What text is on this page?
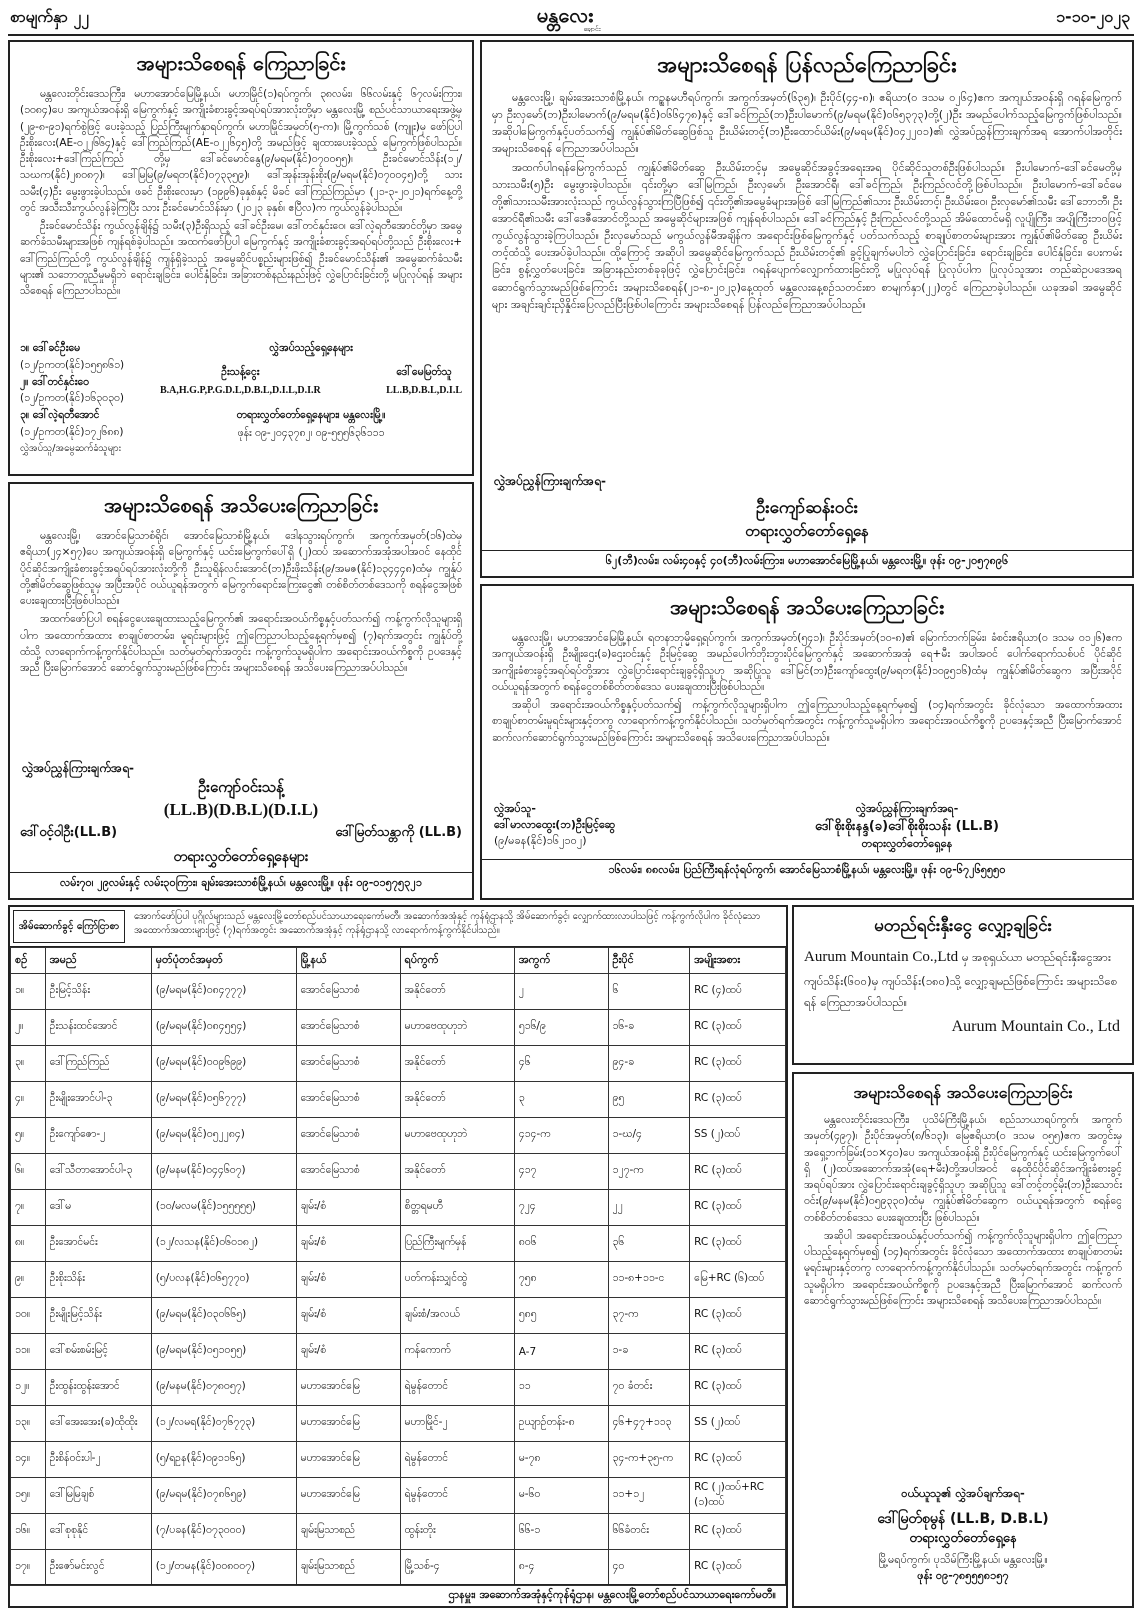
စာမျက်နှာ ၂၂	မန္တလေး
ချောင်း
၁-၁၀-၂၀၂၃
အများသိစေရန် ကြေညာခြင်း

မန္တလေးတိုင်းဒေသကြီး၊ မဟာအောင်မြေမြို့နယ်၊ မဟာမြိုင်(၁)ရပ်ကွက်၊ ၃၈လမ်း၊ ၆၆လမ်းနှင့် ၆၇လမ်းကြား၊ (၁၀၈၄)ပေ အကျယ်အဝန်းရှိ မြေကွက်နှင့် အကျိုးခံစားခွင့်အရပ်ရပ်အားလုံးတို့မှာ မန္တလေးမြို့ စည်ပင်သာယာရေးအဖွဲ့မှ (၂၉-၈-၉၁)ရက်စွဲဖြင့် ပေးခဲ့သည့် ပြည်ကြီးမျက်နှာရပ်ကွက်၊ မဟာမြိုင်အမှတ်(၅-က)၊ မြို့ကွက်သစ် (ကျူး)မှ ဖော်ပြပါ ဦးစိုးလေး(AE-၀၂၂၆၆၄)နှင့် ဒေါ်ကြည်ကြည်(AE-၀၂၂၆၄၅)တို့ အမည်ဖြင့် ချထားပေးခဲ့သည့် မြေကွက်ဖြစ်ပါသည်။ ဦးစိုးလေး+ဒေါ်ကြည်ကြည် တို့မှ ဒေါ်ခင်မောင်နွေ(၉/မရမ(နိုင်)၀၇၀၀၅၅)၊ ဦးခင်မောင်သိန်း(၁၂/သဃက(နိုင်)၂၈၀၈၇)၊ ဒေါ်မြမြ(၉/မရတ(နိုင်)၀၇၃၃၅၉)၊ ဒေါ်အုန်းအုန်းစိုး(၉/မရမ(နိုင်)၀၇၀၀၄၅)တို့ သား သမီး(၄)ဦး မွေးဖွားခဲ့ပါသည်။ ဖခင် ဦးစိုးလေးမှာ (၁၉၉၆)ခုနှစ်နှင့် မိခင် ဒေါ်ကြည်ကြည်မှာ (၂၁-၃-၂၀၂၁)ရက်နေ့တို့တွင် အသီးသီးကွယ်လွန်ခဲ့ကြပြီး သား ဦးခင်မောင်သိန်းမှာ (၂၀၂၃ ခုနှစ်၊ ဧပြီလ)က ကွယ်လွန်ခဲ့ပါသည်။

ဦးခင်မောင်သိန်း ကွယ်လွန်ချိန်၌ သမီး(၃)ဦးရှိသည့် ဒေါ်ခင်ဦးမေ၊ ဒေါ်တင်နှင်းဝေ၊ ဒေါ်လဲ့ရတီအောင်တို့မှာ အမွေဆက်ခံသမီးများအဖြစ် ကျန်ရစ်ခဲ့ပါသည်။ အထက်ဖော်ပြပါ မြေကွက်နှင့် အကျိုးခံစားခွင့်အရပ်ရပ်တို့သည် ဦးစိုးလေး+ ဒေါ်ကြည်ကြည်တို့ ကွယ်လွန်ချိန်၌ ကျန်ရှိခဲ့သည့် အမွေဆိုင်ပစ္စည်းများဖြစ်၍ ဦးခင်မောင်သိန်း၏ အမွေဆက်ခံသမီးများ၏ သဘောတူညီမှုမရှိဘဲ ရောင်းချခြင်း၊ ပေါင်နှံခြင်း၊ အခြားတစ်နည်းနည်းဖြင့် လွှဲပြောင်းခြင်းတို့ မပြုလုပ်ရန် အများသိစေရန် ကြေညာပါသည်။

၁။ ဒေါ်ခင်ဦးမေ
(၁၂/ဥကတ(နိုင်)၁၅၅၈၆၁)
၂။ ဒေါ်တင်နှင်းဝေ
(၁၂/ဥကတ(နိုင်)၁၆၃၀၃၀)
၃။ ဒေါ်လဲ့ရတီအောင်
(၁၂/ဥကတ(နိုင်)၁၇၂၆၈၈)
လွှဲအပ်သူ/အမွေဆက်ခံသူများ
လွှဲအပ်သည့်ရှေ့နေများ
ဦးသန့်ငွေး
B.A,H.G.P,P.G.D.L,D.B.L,D.I.L,D.I.R
ဒေါ်မေမြတ်သူ
LL.B,D.B.L,D.I.L
တရားလွှတ်တော်ရှေ့နေများ၊ မန္တလေးမြို့။
ဖုန်း ၀၉-၂၀၄၃၇၈၂၊ ၀၉-၅၅၅၆၃၆၁၁၁
အများသိစေရန် ပြန်လည်ကြေညာခြင်း

မန္တလေးမြို့၊ ချမ်းအေးသာစံမြို့နယ်၊ ကဥ္စနမဟီရပ်ကွက်၊ အကွက်အမှတ်(၆၃၅)၊ ဦးပိုင်(၄၄-၈)၊ ဧရိယာ(၀ ဒသမ ၀၂၆၄)ဧက အကျယ်အဝန်းရှိ ဂရန်မြေကွက်မှာ ဦးလှမော်(ဘ)ဦးပါမောက်(၉/မရမ(နိုင်)၀၆၆၄၇၈)နှင့် ဒေါ်ခင်ကြည်(ဘ)ဦးပါမောက်(၉/မရမ(နိုင်)၀၆၅၃၇၃)တို့(၂)ဦး အမည်ပေါက်သည့်မြေကွက်ဖြစ်ပါသည်။ အဆိုပါမြေကွက်နှင့်ပတ်သက်၍ ကျွန်ုပ်၏မိတ်ဆွေဖြစ်သူ ဦးယိမ်းတင့်(ဘ)ဦးထောင်ယိမ်း(၉/မရမ(နိုင်)၀၄၂၂၀၁)၏ လွှဲအပ်ညွှန်ကြားချက်အရ အောက်ပါအတိုင်း အများသိစေရန် ကြေညာအပ်ပါသည်။

အထက်ပါဂရန်မြေကွက်သည် ကျွန်ုပ်၏မိတ်ဆွေ ဦးယိမ်းတင့်မှ အမွေဆိုင်အခွင့်အရေးအရ ပိုင်ဆိုင်သူတစ်ဦးဖြစ်ပါသည်။ ဦးပါမောက်-ဒေါ်ခင်မေတို့မှ သားသမီး(၅)ဦး မွေးဖွားခဲ့ပါသည်။ ၎င်းတို့မှာ ဒေါ်မြကြည်၊ ဦးလှမော်၊ ဦးအောင်ရီ၊ ဒေါ်ခင်ကြည်၊ ဦးကြည်လင်တို့ဖြစ်ပါသည်။ ဦးပါမောက်-ဒေါ်ခင်မေတို့၏သားသမီးအားလုံးသည် ကွယ်လွန်သွားကြပြီဖြစ်၍ ၎င်းတို့၏အမွေခံများအဖြစ် ဒေါ်မြကြည်၏သား ဦးယိမ်းတင့်၊ ဦးယိမ်းဝေ၊ ဦးလှမော်၏သမီး ဒေါ်ဘောဘီ၊ ဦးအောင်ရီ၏သမီး ဒေါ်ဒေဇီအောင်တို့သည် အမွေဆိုင်များအဖြစ် ကျန်ရစ်ပါသည်။ ဒေါ်ခင်ကြည်နှင့် ဦးကြည်လင်တို့သည် အိမ်ထောင်မရှိ လူပျိုကြီး၊ အပျိုကြီးဘဝဖြင့် ကွယ်လွန်သွားခဲ့ကြပါသည်။ ဦးလှမော်သည် မကွယ်လွန်မီအချိန်က အရောင်းဖြစ်မြေကွက်နှင့် ပတ်သက်သည့် စာချုပ်စာတမ်းများအား ကျွန်ုပ်၏မိတ်ဆွေ ဦးယိမ်းတင့်ထံသို့ ပေးအပ်ခဲ့ပါသည်။ ထို့ကြောင့် အဆိုပါ အမွေဆိုင်မြေကွက်သည် ဦးယိမ်းတင့်၏ ခွင့်ပြုချက်မပါဘဲ လွှဲပြောင်းခြင်း၊ ရောင်းချခြင်း၊ ပေါင်နှံခြင်း၊ ပေးကမ်းခြင်း၊ စွန့်လွှတ်ပေးခြင်း၊ အခြားနည်းတစ်ခုခုဖြင့် လွှဲပြောင်းခြင်း၊ ဂရန်ပျောက်လျှောက်ထားခြင်းတို့ မပြုလုပ်ရန် ပြုလုပ်ပါက ပြုလုပ်သူအား တည်ဆဲဥပဒေအရ ဆောင်ရွက်သွားမည်ဖြစ်ကြောင်း အများသိစေရန်(၂၁-၈-၂၀၂၃)နေ့ထုတ် မန္တလေးနေ့စဉ်သတင်းစာ စာမျက်နှာ(၂၂)တွင် ကြေညာခဲ့ပါသည်။ ယခုအခါ အမွေဆိုင်များ အချင်းချင်းညှိနှိုင်းပြေလည်ပြီးဖြစ်ပါကြောင်း အများသိစေရန် ပြန်လည်ကြေညာအပ်ပါသည်။

လွှဲအပ်ညွှန်ကြားချက်အရ-
ဦးကျော်ဆန်းဝင်း
တရားလွှတ်တော်ရှေ့နေ
၆၂(ဘီ)လမ်း၊ လမ်း၄၀နှင့် ၄၀(ဘီ)လမ်းကြား၊ မဟာအောင်မြေမြို့နယ်၊ မန္တလေးမြို့။ ဖုန်း ၀၉-၂၀၅၇၈၉၆
အများသိစေရန် အသိပေးကြေညာခြင်း

မန္တလေးမြို့၊ အောင်မြေသာစံရိုင်၊ အောင်မြေသာစံမြို့နယ်၊ ဒေါနသွားရပ်ကွက်၊ အကွက်အမှတ်(၁၆)ထဲမှ ဧရိယာ(၂၄×၅၇)ပေ အကျယ်အဝန်းရှိ မြေကွက်နှင့် ယင်းမြေကွက်ပေါ်ရှိ (၂)ထပ် အဆောက်အအုံအပါအဝင် နေထိုင်ပိုင်ဆိုင်အကျိုးခံစားခွင့်အရပ်ရပ်အားလုံးတို့ကို ဦးသူရိန်လင်းအောင်(ဘ)ဦးဖိုးသိန်း(၉/အမဇ(နိုင်)၁၃၄၄၄၈)ထံမှ ကျွန်ုပ်တို့၏မိတ်ဆွေဖြစ်သူမှ အပြီးအပိုင် ဝယ်ယူရန်အတွက် မြေကွက်ရောင်းကြေးငွေ၏ တစ်စိတ်တစ်ဒေသကို စရန်ငွေအဖြစ် ပေးချေထားပြီးဖြစ်ပါသည်။

အထက်ဖော်ပြပါ စရန်ငွေပေးချေထားသည့်မြေကွက်၏ အရောင်းအဝယ်ကိစ္စနှင့်ပတ်သက်၍ ကန့်ကွက်လိုသူများရှိပါက အထောက်အထား စာချုပ်စာတမ်း၊ မူရင်းများဖြင့် ဤကြေညာပါသည့်နေ့ရက်မှစ၍ (၇)ရက်အတွင်း ကျွန်ုပ်တို့ထံသို့ လာရောက်ကန့်ကွက်နိုင်ပါသည်။ သတ်မှတ်ရက်အတွင်း ကန့်ကွက်သူမရှိပါက အရောင်းအဝယ်ကိစ္စကို ဥပဒေနှင့်အညီ ပြီးမြောက်အောင် ဆောင်ရွက်သွားမည်ဖြစ်ကြောင်း အများသိစေရန် အသိပေးကြေညာအပ်ပါသည်။

လွှဲအပ်ညွှန်ကြားချက်အရ-
ဦးကျော်ဝင်းသန့်
(LL.B)(D.B.L)(D.I.L)
ဒေါ်ဝင့်ဝါဦး(LL.B)	ဒေါ်မြတ်သန္တာကို (LL.B)
တရားလွှတ်တော်ရှေ့နေများ
လမ်း၇၀၊ ၂၉လမ်းနှင့် လမ်း၃၀ကြား၊ ချမ်းအေးသာစံမြို့နယ်၊ မန္တလေးမြို့။ ဖုန်း ၀၉-၀၁၅၇၅၃၂၁
အများသိစေရန် အသိပေးကြေညာခြင်း

မန္တလေးမြို့၊ မဟာအောင်မြေမြို့နယ်၊ ရတနာဘုမ္မိရှေ့ရပ်ကွက်၊ အကွက်အမှတ်(၅၄၁)၊ ဦးပိုင်အမှတ်(၁၀-၈)၏ မြောက်ဘက်ခြမ်း၊ ခံစင်းဧရိယာ(၀ ဒသမ ၀၁၂၆)ဧက အကျယ်အဝန်းရှိ ဦးမျိုးဌေး(ခ)ဌေးဝင်းနှင့် ဦးမြင့်ဆွေ အမည်ပေါက်ဘိုးဘွားပိုင်မြေကွက်နှင့် အဆောက်အအုံ ရေ+မီး အပါအဝင် ပေါက်ရောက်သစ်ပင် ပိုင်ဆိုင်အကျိုးခံစားခွင့်အရပ်ရပ်တို့အား လွှဲပြောင်းရောင်းချခွင့်ရှိသူဟု အဆိုပြုသူ ဒေါ်မြင်(ဘ)ဦးကျော်ထွေး(၉/မရတ(နိုင်)၁၀၉၅၁၆)ထံမှ ကျွန်ုပ်၏မိတ်ဆွေက အပြီးအပိုင် ဝယ်ယူရန်အတွက် စရန်ငွေတစ်စိတ်တစ်ဒေသ ပေးချေထားပြီးဖြစ်ပါသည်။

အဆိုပါ အရောင်းအဝယ်ကိစ္စနှင့်ပတ်သက်၍ ကန့်ကွက်လိုသူများရှိပါက ဤကြေညာပါသည့်နေ့ရက်မှစ၍ (၁၄)ရက်အတွင်း ခိုင်လုံသော အထောက်အထားစာချုပ်စာတမ်းမူရင်းများနှင့်တကွ လာရောက်ကန့်ကွက်နိုင်ပါသည်။ သတ်မှတ်ရက်အတွင်း ကန့်ကွက်သူမရှိပါက အရောင်းအဝယ်ကိစ္စကို ဥပဒေနှင့်အညီ ပြီးမြောက်အောင် ဆက်လက်ဆောင်ရွက်သွားမည်ဖြစ်ကြောင်း အများသိစေရန် အသိပေးကြေညာအပ်ပါသည်။

လွှဲအပ်သူ-
ဒေါ်မာလာထွေး(ဘ)ဦးမြင့်ဆွေ
(၉/မခန(နိုင်)၁၆၂၁၀၂)
လွှဲအပ်ညွှန်ကြားချက်အရ-
ဒေါ်စိုးစိုးနန္ဒ(ခ)ဒေါ်စိုးစိုးသန်း (LL.B)
တရားလွှတ်တော်ရှေ့နေ
၁၆လမ်း၊ ၈၈လမ်း၊ ပြည်ကြီးရန်လုံရပ်ကွက်၊ အောင်မြေသာစံမြို့နယ်၊ မန္တလေးမြို့။ ဖုန်း ၀၉-၆၇၂၆၅၅၅၀
အိမ်ဆောက်ခွင့် ကြော်ငြာစာ
အောက်ဖော်ပြပါ ပုဂ္ဂိုလ်များသည် မန္တလေးမြို့တော်စည်ပင်သာယာရေးကော်မတီ၊ အဆောက်အအုံနှင့် ကုန်ရုံဌာနသို့ အိမ်ဆောက်ခွင့်၊ လျှောက်ထားလာပါသဖြင့် ကန့်ကွက်လိုပါက ခိုင်လုံသော အထောက်အထားများဖြင့် (၇)ရက်အတွင်း အဆောက်အအုံနှင့် ကုန်ရုံဌာနသို့ လာရောက်ကန့်ကွက်နိုင်ပါသည်။
စဉ်	အမည်	မှတ်ပုံတင်အမှတ်	မြို့နယ်	ရပ်ကွက်	အကွက်	ဦးပိုင်	အမျိုးအစား
၁။	ဦးမြင့်သိန်း	(၉/မရမ(နိုင်)၀၈၄၇၇၇)	အောင်မြေသာစံ	အနိုင်တော်	၂	၆	RC (၄)ထပ်
၂။	ဦးသန်းထင်အောင်	(၉/မရမ(နိုင်)၀၈၄၅၅၄)	အောင်မြေသာစံ	မဟာဗေထုဟုဘဲ	၅၁၆/၉	၁၆-ခ	RC (၃)ထပ်
၃။	ဒေါ်ကြည်ကြည်	(၉/မရမ(နိုင်)၀၀၉၆၉၉)	အောင်မြေသာစံ	အနိုင်တော်	၄၆	၉၄-ခ	RC (၃)ထပ်
၄။	ဦးမျိုးအောင်ပါ-၃	(၉/မရမ(နိုင်)၀၅၆၇၇၇)	အောင်မြေသာစံ	အနိုင်တော်	၃	၉၅	RC (၃)ထပ်
၅။	ဦးကျော်ဇော-၂	(၉/မရမ(နိုင်)၀၅၂၂၈၄)	အောင်မြေသာစံ	မဟာဗေထုဟုဘဲ	၄၁၄-က	၁-ဃ/၄	SS (၂)ထပ်
၆။	ဒေါ်သီတာအောင်ပါ-၃	(၉/မနမ(နိုင်)၀၄၄၆၀၇)	အောင်မြေသာစံ	အနိုင်တော်	၄၁၇	၁၂၇-က	RC (၃)ထပ်
၇။	ဒေါ်မ	(၁၀/မလမ(နိုင်)၁၅၅၅၅၅)	ချမ်း/စံ	စိတ္တရမဟီ	၇၂၄	၂၂	RC (၃)ထပ်
၈။	ဦးအောင်မင်း	(၁၂/လသန(နိုင်)၀၆၀၁၈၂)	ချမ်း/စံ	ပြည်ကြီးမျက်မှန်	၈၀၆	၃၆	RC (၃)ထပ်
၉။	ဦးစိုးသိန်း	(၅/ပလန(နိုင်)၀၆၅၇၇၀)	ချမ်း/စံ	ပတ်ကန်းသျှင်ထွဲ	၇၅၈	၁၁-၈+၁၁-င	မြေ+RC (၆)ထပ်
၁၀။	ဦးမျိုးမြင့်သိန်း	(၉/မရမ(နိုင်)၀၃၀၆၆၅)	ချမ်း/စံ	ချမ်းစံ/အလယ်	၅၈၅	၃၇-က	RC (၃)ထပ်
၁၁။	ဒေါ်စမ်းစမ်းမြင့်	(၉/မရမ(နိုင်)၀၅၁၀၅၅)	ချမ်း/စံ	ကန်ကောက်	A-7	၁-ခ	RC (၃)ထပ်
၁၂။	ဦးထွန်းထွန်းအောင်	(၉/မနမ(နိုင်)၀၇၈၀၅၇)	မဟာအောင်မြေ	ရဲမွန်တောင်	၁၁	၇၀ ခံတင်း	RC (၃)ထပ်
၁၃။	ဒေါ်အေးအေး(ခ)ထိုထိုး	(၁၂/လမရ(နိုင်)၀၇၆၇၇၃)	မဟာအောင်မြေ	မဟာမြိုင်-၂	ဥယျာဉ်တန်း-၈	၄၆+၄၇+၁၁၃	SS (၂)ထပ်
၁၄။	ဦးစိန်ဝင်းပါ-၂	(၅/ရဥန(နိုင်)၀၉၁၁၆၅)	မဟာအောင်မြေ	ရဲမွန်တောင်	မ-၇၈	၃၄-က+၃၅-က	RC (၃)ထပ်
၁၅။	ဒေါ်မြမြချစ်	(၉/မရမ(နိုင်)၀၇၈၆၅၉)	မဟာအောင်မြေ	ရဲမွန်တောင်	မ-၆၀	၁၁+၁၂	RC (၂)ထပ်+RC (၁)ထပ်
၁၆။	ဒေါ်စုစုနိုင်	(၇/ပခန(နိုင်)၀၇၃၀၀၀)	ချမ်းမြသာစည်	ထွန်းတိုး	၆၆-၁	၆၆ခံတင်း	RC (၃)ထပ်
၁၇။	ဦးဇော်မင်းလွင်	(၁၂/တမန(နိုင်)၀၀၈၀၀၇)	ချမ်းမြသာစည်	မြို့သစ်-၄	၈-၄	၄၀	RC (၃)ထပ်
ဌာနမှူး၊ အဆောက်အအုံနှင့်ကုန်ရုံဌာန၊ မန္တလေးမြို့တော်စည်ပင်သာယာရေးကော်မတီ။
မတည်ရင်းနှီးငွေ လျှော့ချခြင်း
Aurum Mountain Co.,Ltd မှ အစုရှယ်ယာ မတည်ရင်းနှီးငွေအား ကျပ်သိန်း(၆၀၀)မှ ကျပ်သိန်း(၁၈၀)သို့ လျှော့ချမည်ဖြစ်ကြောင်း အများသိစေရန် ကြေညာအပ်ပါသည်။
Aurum Mountain Co., Ltd
အများသိစေရန် အသိပေးကြေညာခြင်း

မန္တလေးတိုင်းဒေသကြီး၊ ပုသိမ်ကြီးမြို့နယ်၊ စည်သာယာရပ်ကွက်၊ အကွက်အမှတ်(၄၉၇)၊ ဦးပိုင်အမှတ်(၈/၆၁၃)၊ မြေဧရိယာ(၀ ဒသမ ၀၅၅)ဧက အတွင်းမှ အရှေ့ဘက်ခြမ်း(၁၁×၄၀)ပေ အကျယ်အဝန်းရှိ ဦးပိုင်မြေကွက်နှင့် ယင်းမြေကွက်ပေါ်ရှိ (၂)ထပ်အဆောက်အအုံ(ရေ+မီး)တို့အပါအဝင် နေထိုင်ပိုင်ဆိုင်အကျိုးခံစားခွင့်အရပ်ရပ်အား လွှဲပြောင်းရောင်းချခွင့်ရှိသူဟု အဆိုပြုသူ ဒေါ်တင့်တင့်မိုး(ဘ)ဦးသောင်းဝင်း(၉/မနမ(နိုင်)၀၅၉၃၃၀)ထံမှ ကျွန်ုပ်၏မိတ်ဆွေက ဝယ်ယူရန်အတွက် စရန်ငွေတစ်စိတ်တစ်ဒေသ ပေးချေထားပြီး ဖြစ်ပါသည်။

အဆိုပါ အရောင်းအဝယ်နှင့်ပတ်သက်၍ ကန့်ကွက်လိုသူများရှိပါက ဤကြေညာပါသည့်နေ့ရက်မှစ၍ (၁၄)ရက်အတွင်း ခိုင်လုံသော အထောက်အထား စာချုပ်စာတမ်းမူရင်းများနှင့်တကွ လာရောက်ကန့်ကွက်နိုင်ပါသည်။ သတ်မှတ်ရက်အတွင်း ကန့်ကွက်သူမရှိပါက အရောင်းအဝယ်ကိစ္စကို ဥပဒေနှင့်အညီ ပြီးမြောက်အောင် ဆက်လက်ဆောင်ရွက်သွားမည်ဖြစ်ကြောင်း အများသိစေရန် အသိပေးကြေညာအပ်ပါသည်။

ဝယ်ယူသူ၏ လွှဲအပ်ချက်အရ-
ဒေါ်မြတ်စုမွန် (LL.B, D.B.L)
တရားလွှတ်တော်ရှေ့နေ
မြို့မရပ်ကွက်၊ ပုသိမ်ကြီးမြို့နယ်၊ မန္တလေးမြို့။
ဖုန်း ၀၉-၇၈၅၅၅၈၁၅၇
